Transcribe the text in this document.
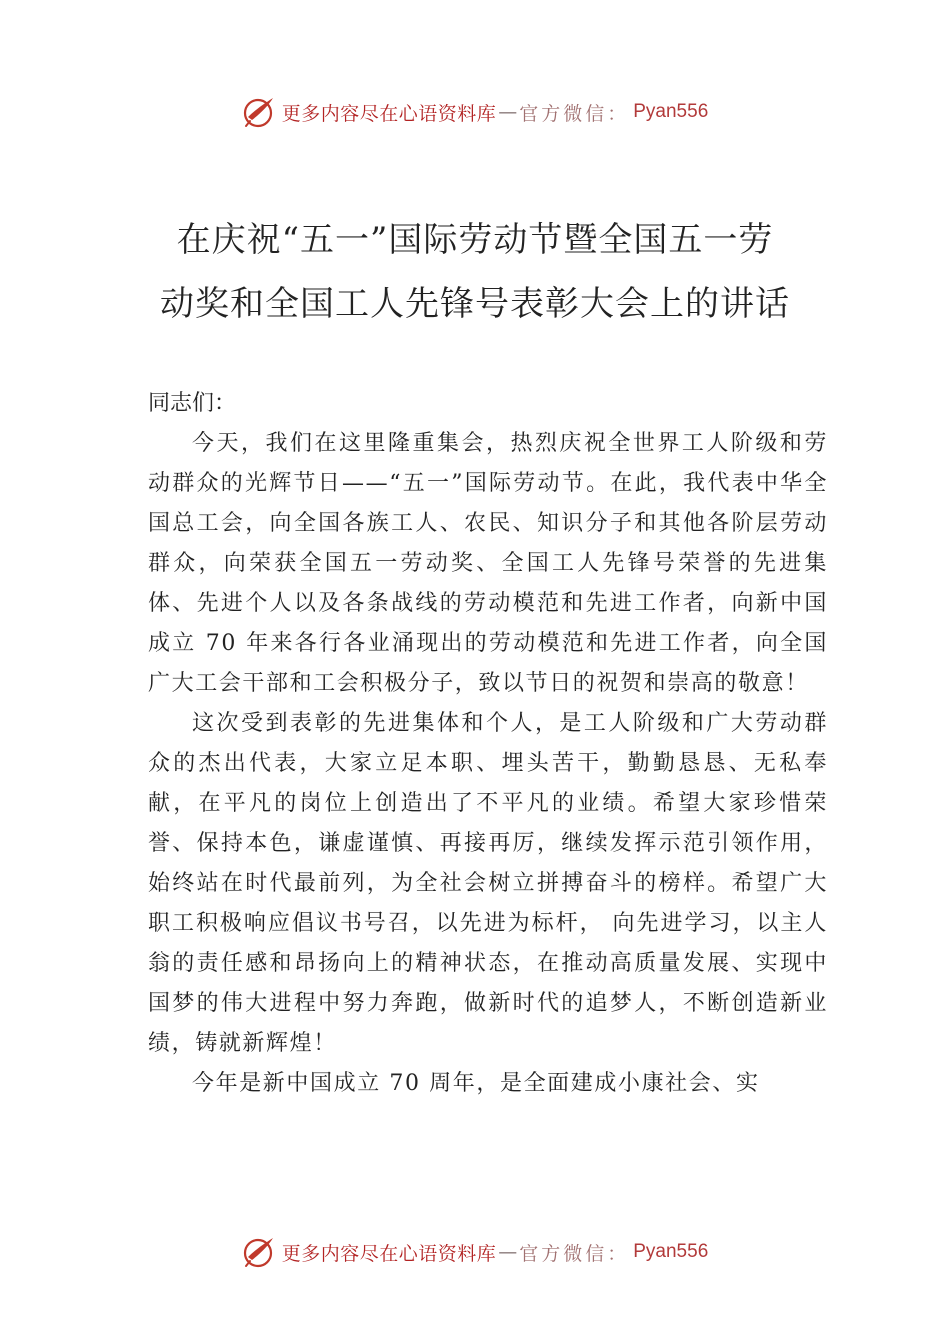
更多内容尽在心语资料库 — 官方微信： Pyan556
在庆祝“五一”国际劳动节暨全国五一劳
动奖和全国工人先锋号表彰大会上的讲话
同志们：

今天，我们在这里隆重集会，热烈庆祝全世界工人阶级和劳动群众的光辉节日——“五一”国际劳动节。在此，我代表中华全国总工会，向全国各族工人、农民、知识分子和其他各阶层劳动群众，向荣获全国五一劳动奖、全国工人先锋号荣誉的先进集体、先进个人以及各条战线的劳动模范和先进工作者，向新中国成立 70 年来各行各业涌现出的劳动模范和先进工作者，向全国广大工会干部和工会积极分子，致以节日的祝贺和崇高的敬意！

这次受到表彰的先进集体和个人，是工人阶级和广大劳动群众的杰出代表，大家立足本职、埋头苦干，勤勤恳恳、无私奉献，在平凡的岗位上创造出了不平凡的业绩。希望大家珍惜荣誉、保持本色，谦虚谨慎、再接再厉，继续发挥示范引领作用，始终站在时代最前列，为全社会树立拼搏奋斗的榜样。希望广大职工积极响应倡议书号召，以先进为标杆， 向先进学习，以主人翁的责任感和昂扬向上的精神状态，在推动高质量发展、实现中国梦的伟大进程中努力奔跑，做新时代的追梦人，不断创造新业绩，铸就新辉煌！

今年是新中国成立 70 周年，是全面建成小康社会、实

更多内容尽在心语资料库 — 官方微信： Pyan556
